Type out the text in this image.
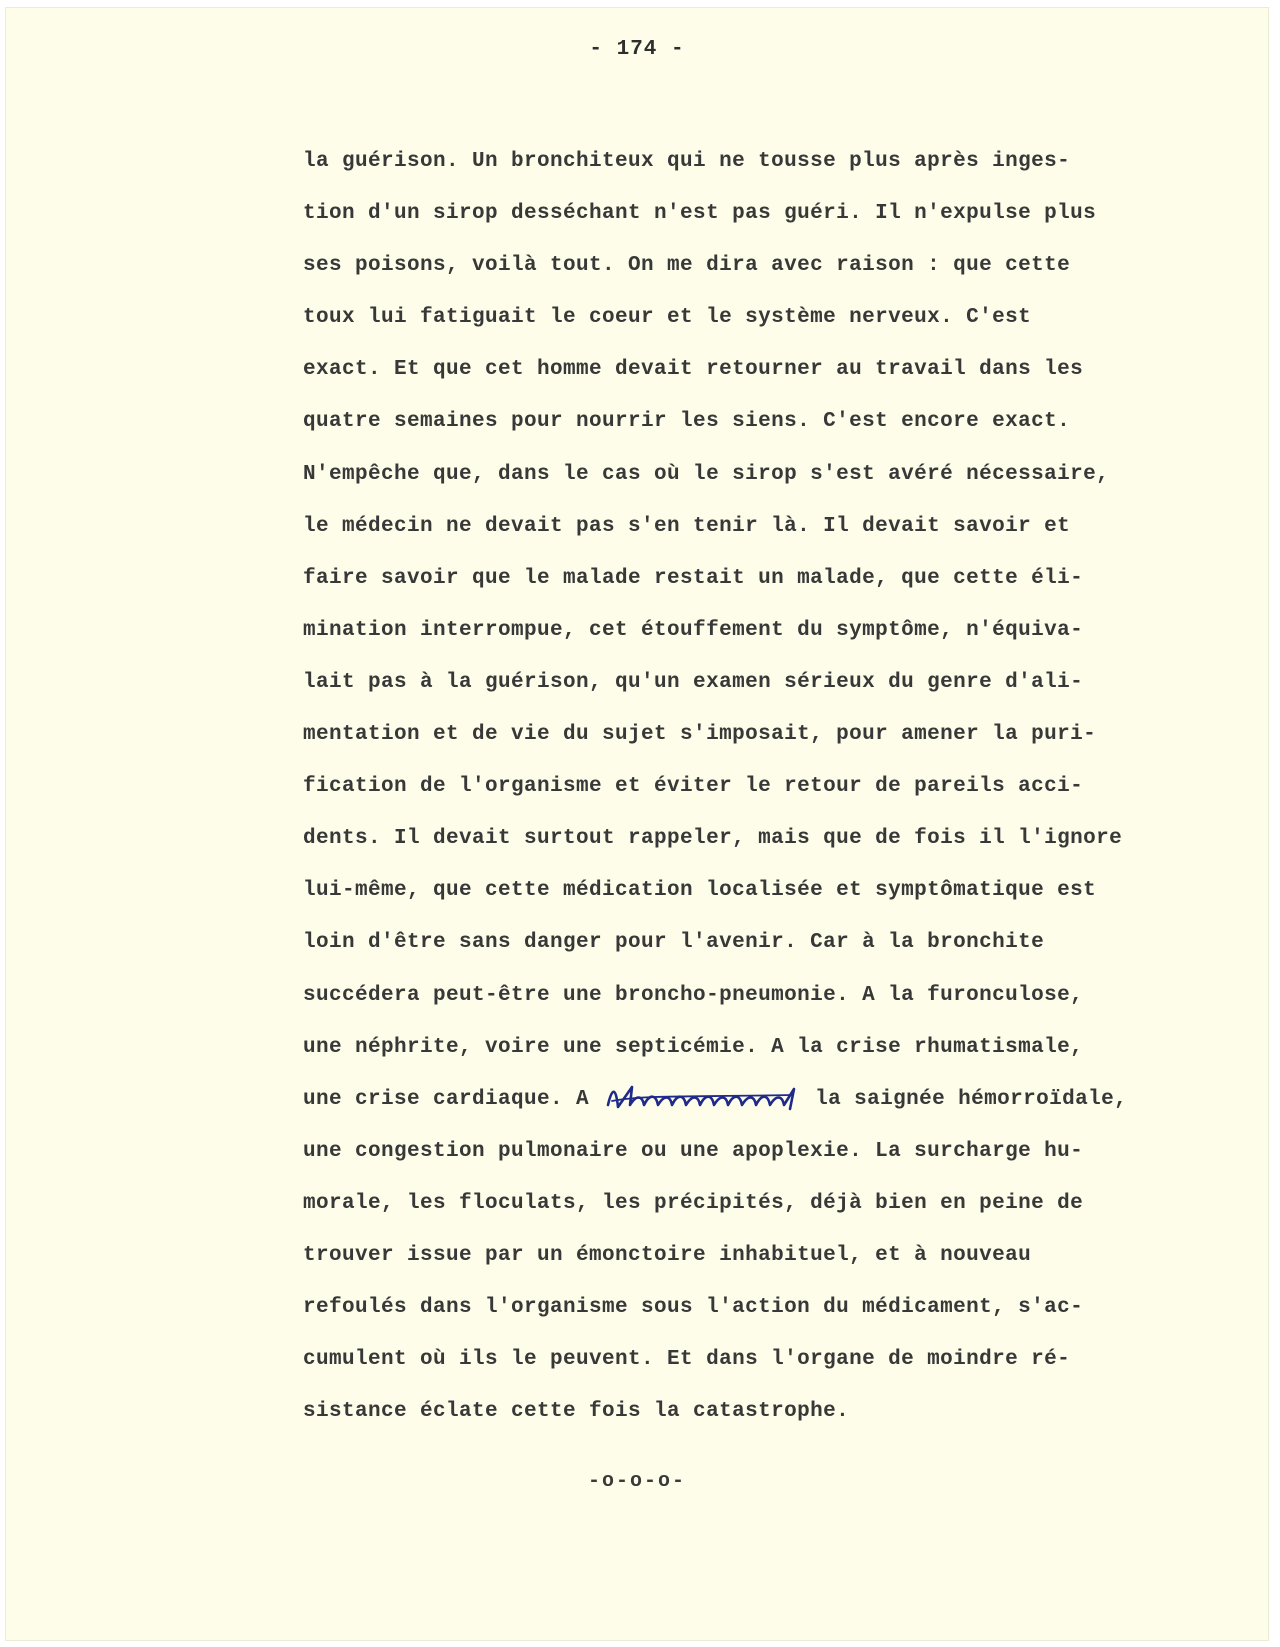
- 174 -

la guérison. Un bronchiteux qui ne tousse plus après inges-
tion d'un sirop desséchant n'est pas guéri. Il n'expulse plus
ses poisons, voilà tout. On me dira avec raison : que cette
toux lui fatiguait le coeur et le système nerveux. C'est
exact. Et que cet homme devait retourner au travail dans les
quatre semaines pour nourrir les siens. C'est encore exact.
N'empêche que, dans le cas où le sirop s'est avéré nécessaire,
le médecin ne devait pas s'en tenir là. Il devait savoir et
faire savoir que le malade restait un malade, que cette éli-
mination interrompue, cet étouffement du symptôme, n'équiva-
lait pas à la guérison, qu'un examen sérieux du genre d'ali-
mentation et de vie du sujet s'imposait, pour amener la puri-
fication de l'organisme et éviter le retour de pareils acci-
dents. Il devait surtout rappeler, mais que de fois il l'ignore
lui-même, que cette médication localisée et symptômatique est
loin d'être sans danger pour l'avenir. Car à la bronchite
succédera peut-être une broncho-pneumonie. A la furonculose,
une néphrite, voire une septicémie. A la crise rhumatismale,
une crise cardiaque. A	la saignée hémorroïdale,
une congestion pulmonaire ou une apoplexie. La surcharge hu-
morale, les floculats, les précipités, déjà bien en peine de
trouver issue par un émonctoire inhabituel, et à nouveau
refoulés dans l'organisme sous l'action du médicament, s'ac-
cumulent où ils le peuvent. Et dans l'organe de moindre ré-
sistance éclate cette fois la catastrophe.

-o-o-o-
